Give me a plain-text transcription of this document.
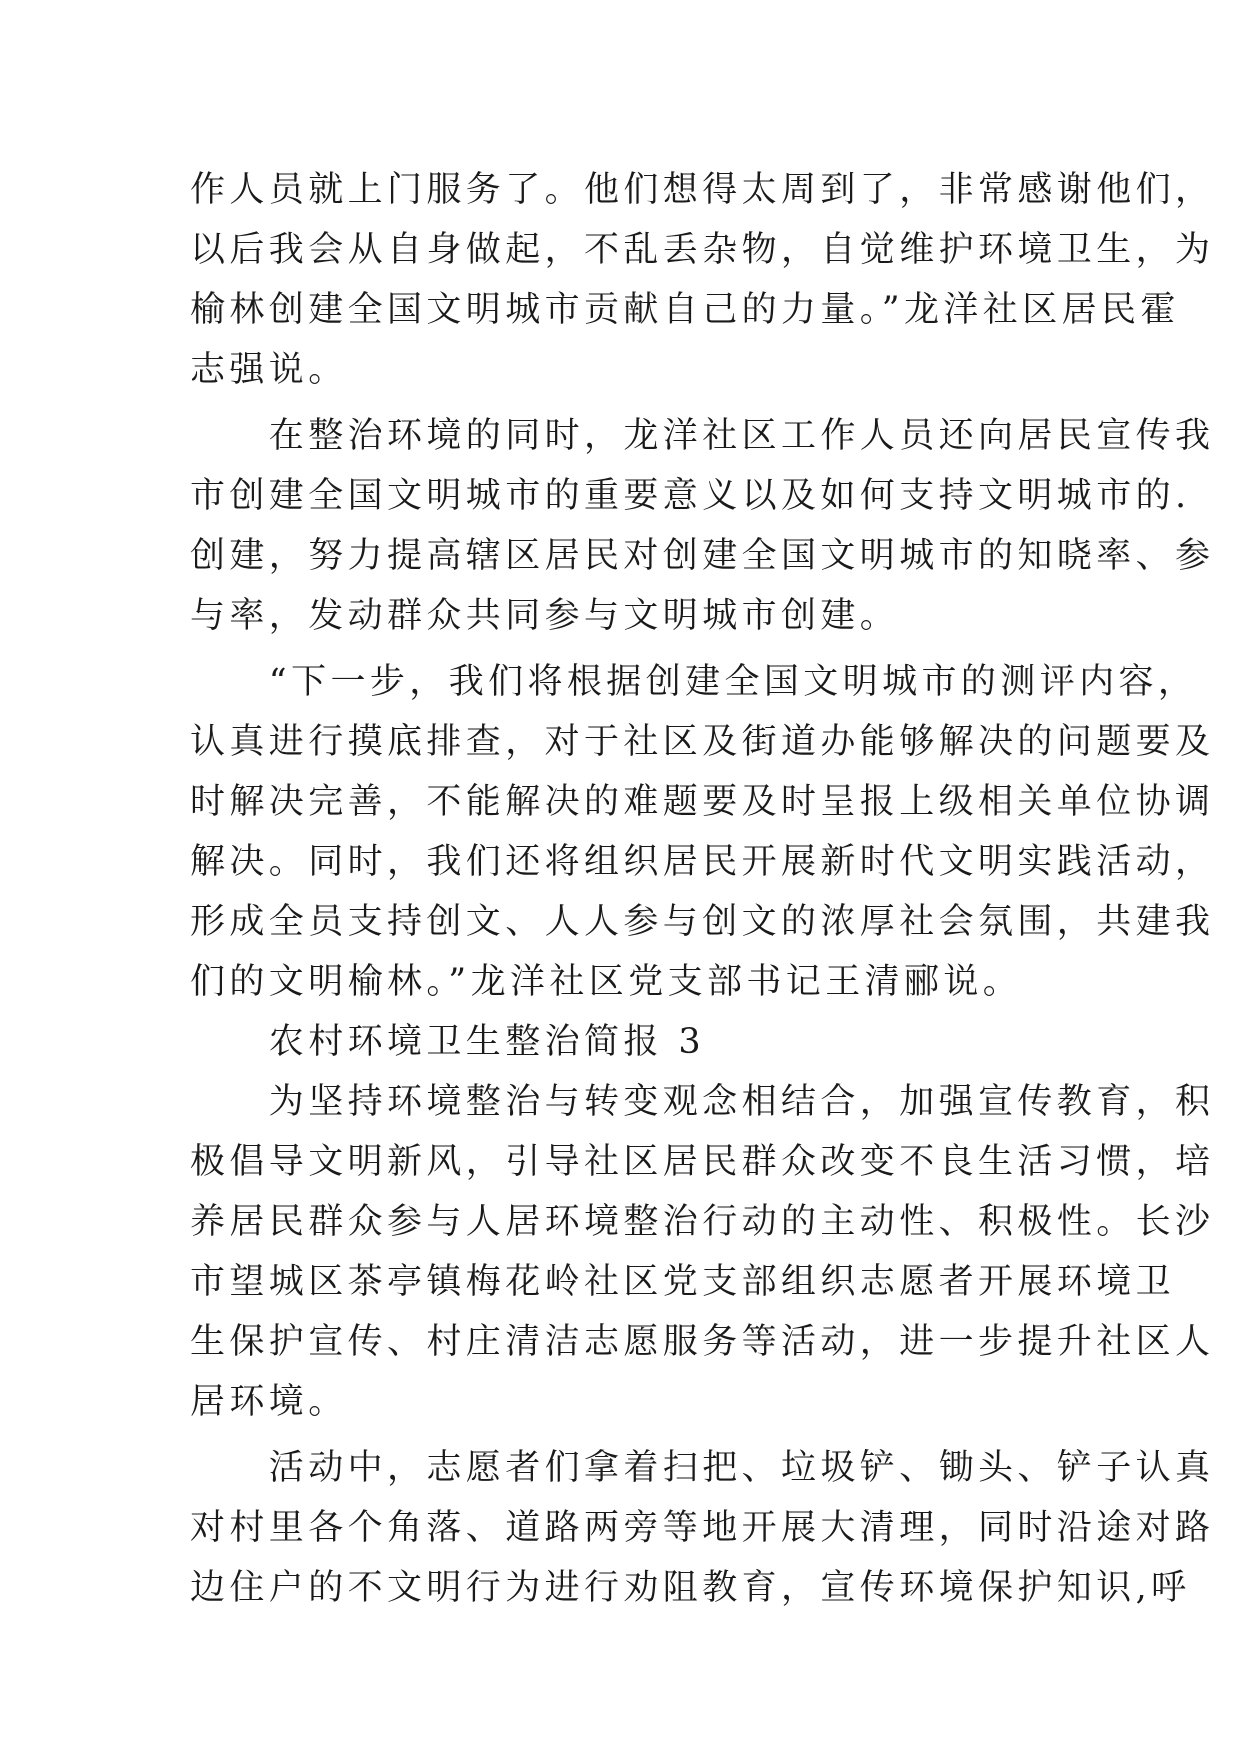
作人员就上门服务了。他们想得太周到了，非常感谢他们，
以后我会从自身做起，不乱丢杂物，自觉维护环境卫生，为
榆林创建全国文明城市贡献自己的力量。”龙洋社区居民霍
志强说。
　　在整治环境的同时，龙洋社区工作人员还向居民宣传我
市创建全国文明城市的重要意义以及如何支持文明城市的.
创建，努力提高辖区居民对创建全国文明城市的知晓率、参
与率，发动群众共同参与文明城市创建。
　　“下一步，我们将根据创建全国文明城市的测评内容，
认真进行摸底排查，对于社区及街道办能够解决的问题要及
时解决完善，不能解决的难题要及时呈报上级相关单位协调
解决。同时，我们还将组织居民开展新时代文明实践活动，
形成全员支持创文、人人参与创文的浓厚社会氛围，共建我
们的文明榆林。”龙洋社区党支部书记王清郦说。
　　农村环境卫生整治简报 3
　　为坚持环境整治与转变观念相结合，加强宣传教育，积
极倡导文明新风，引导社区居民群众改变不良生活习惯，培
养居民群众参与人居环境整治行动的主动性、积极性。长沙
市望城区茶亭镇梅花岭社区党支部组织志愿者开展环境卫
生保护宣传、村庄清洁志愿服务等活动，进一步提升社区人
居环境。
　　活动中，志愿者们拿着扫把、垃圾铲、锄头、铲子认真
对村里各个角落、道路两旁等地开展大清理，同时沿途对路
边住户的不文明行为进行劝阻教育，宣传环境保护知识,呼
